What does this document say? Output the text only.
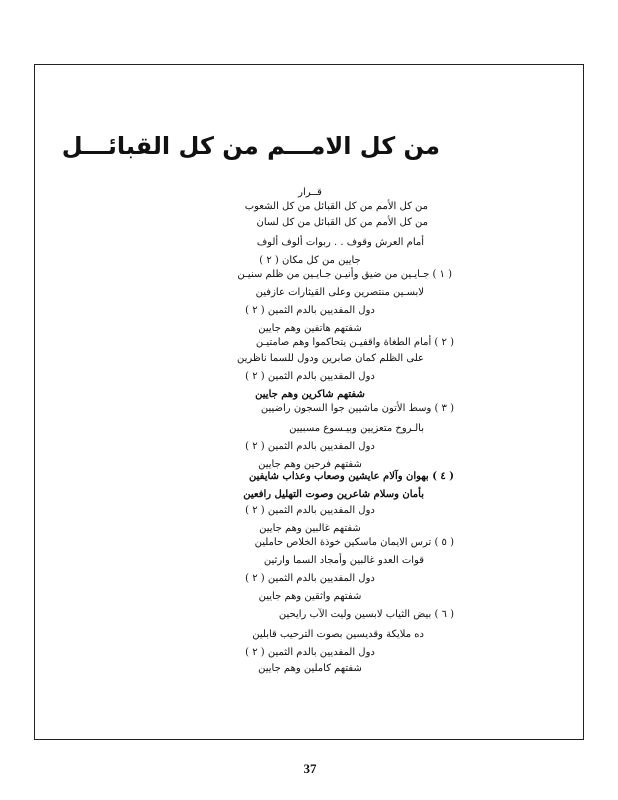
من كل الامـــم من كل القبائـــل
قــرار
من كل الأمم من كل القبائل من كل الشعوب
من كل الأمم من كل القبائل من كل لسان
أمام العرش وقوف . . ربوات ألوف ألوف
جايين من كل مكان ( ٢ )
( ١ ) جـايـين من ضيق وأنيـن جـايـين من ظلم سنيـن
لابسـين منتصرين وعلى القيثارات عازفين
دول المفديين بالدم الثمين ( ٢ )
شفتهم هاتفين وهم جايين
( ٢ ) أمام الطغاة واقفيـن يتحاكموا وهم صامتيـن
على الظلم كمان صابرين ودول للسما ناظرين
دول المفديين بالدم الثمين ( ٢ )
شفتهم شاكرين وهم جايين
( ٣ ) وسط الأتون ماشيين جوا السجون راضيين
بالـروح متعزيين وبيـسوع مسبيين
دول المفديين بالدم الثمين ( ٢ )
شفتهم فرحين وهم جايين
( ٤ ) بهوان وآلام عايشين وصعاب وعذاب شايفين
بأمان وسلام شاعرين وصوت التهليل رافعين
دول المفديين بالدم الثمين ( ٢ )
شفتهم غالبين وهم جايين
( ٥ ) ترس الايمان ماسكين خوذة الخلاص حاملين
قوات العدو غالبين وأمجاد السما وارثين
دول المفديين بالدم الثمين ( ٢ )
شفتهم واثقين وهم جايين
( ٦ ) بيض الثياب لابسين وليت الآب رايحين
ده ملايكة وقديسين بصوت الترحيب قابلين
دول المفديين بالدم الثمين ( ٢ )
شفتهم كاملين وهم جايين
37
